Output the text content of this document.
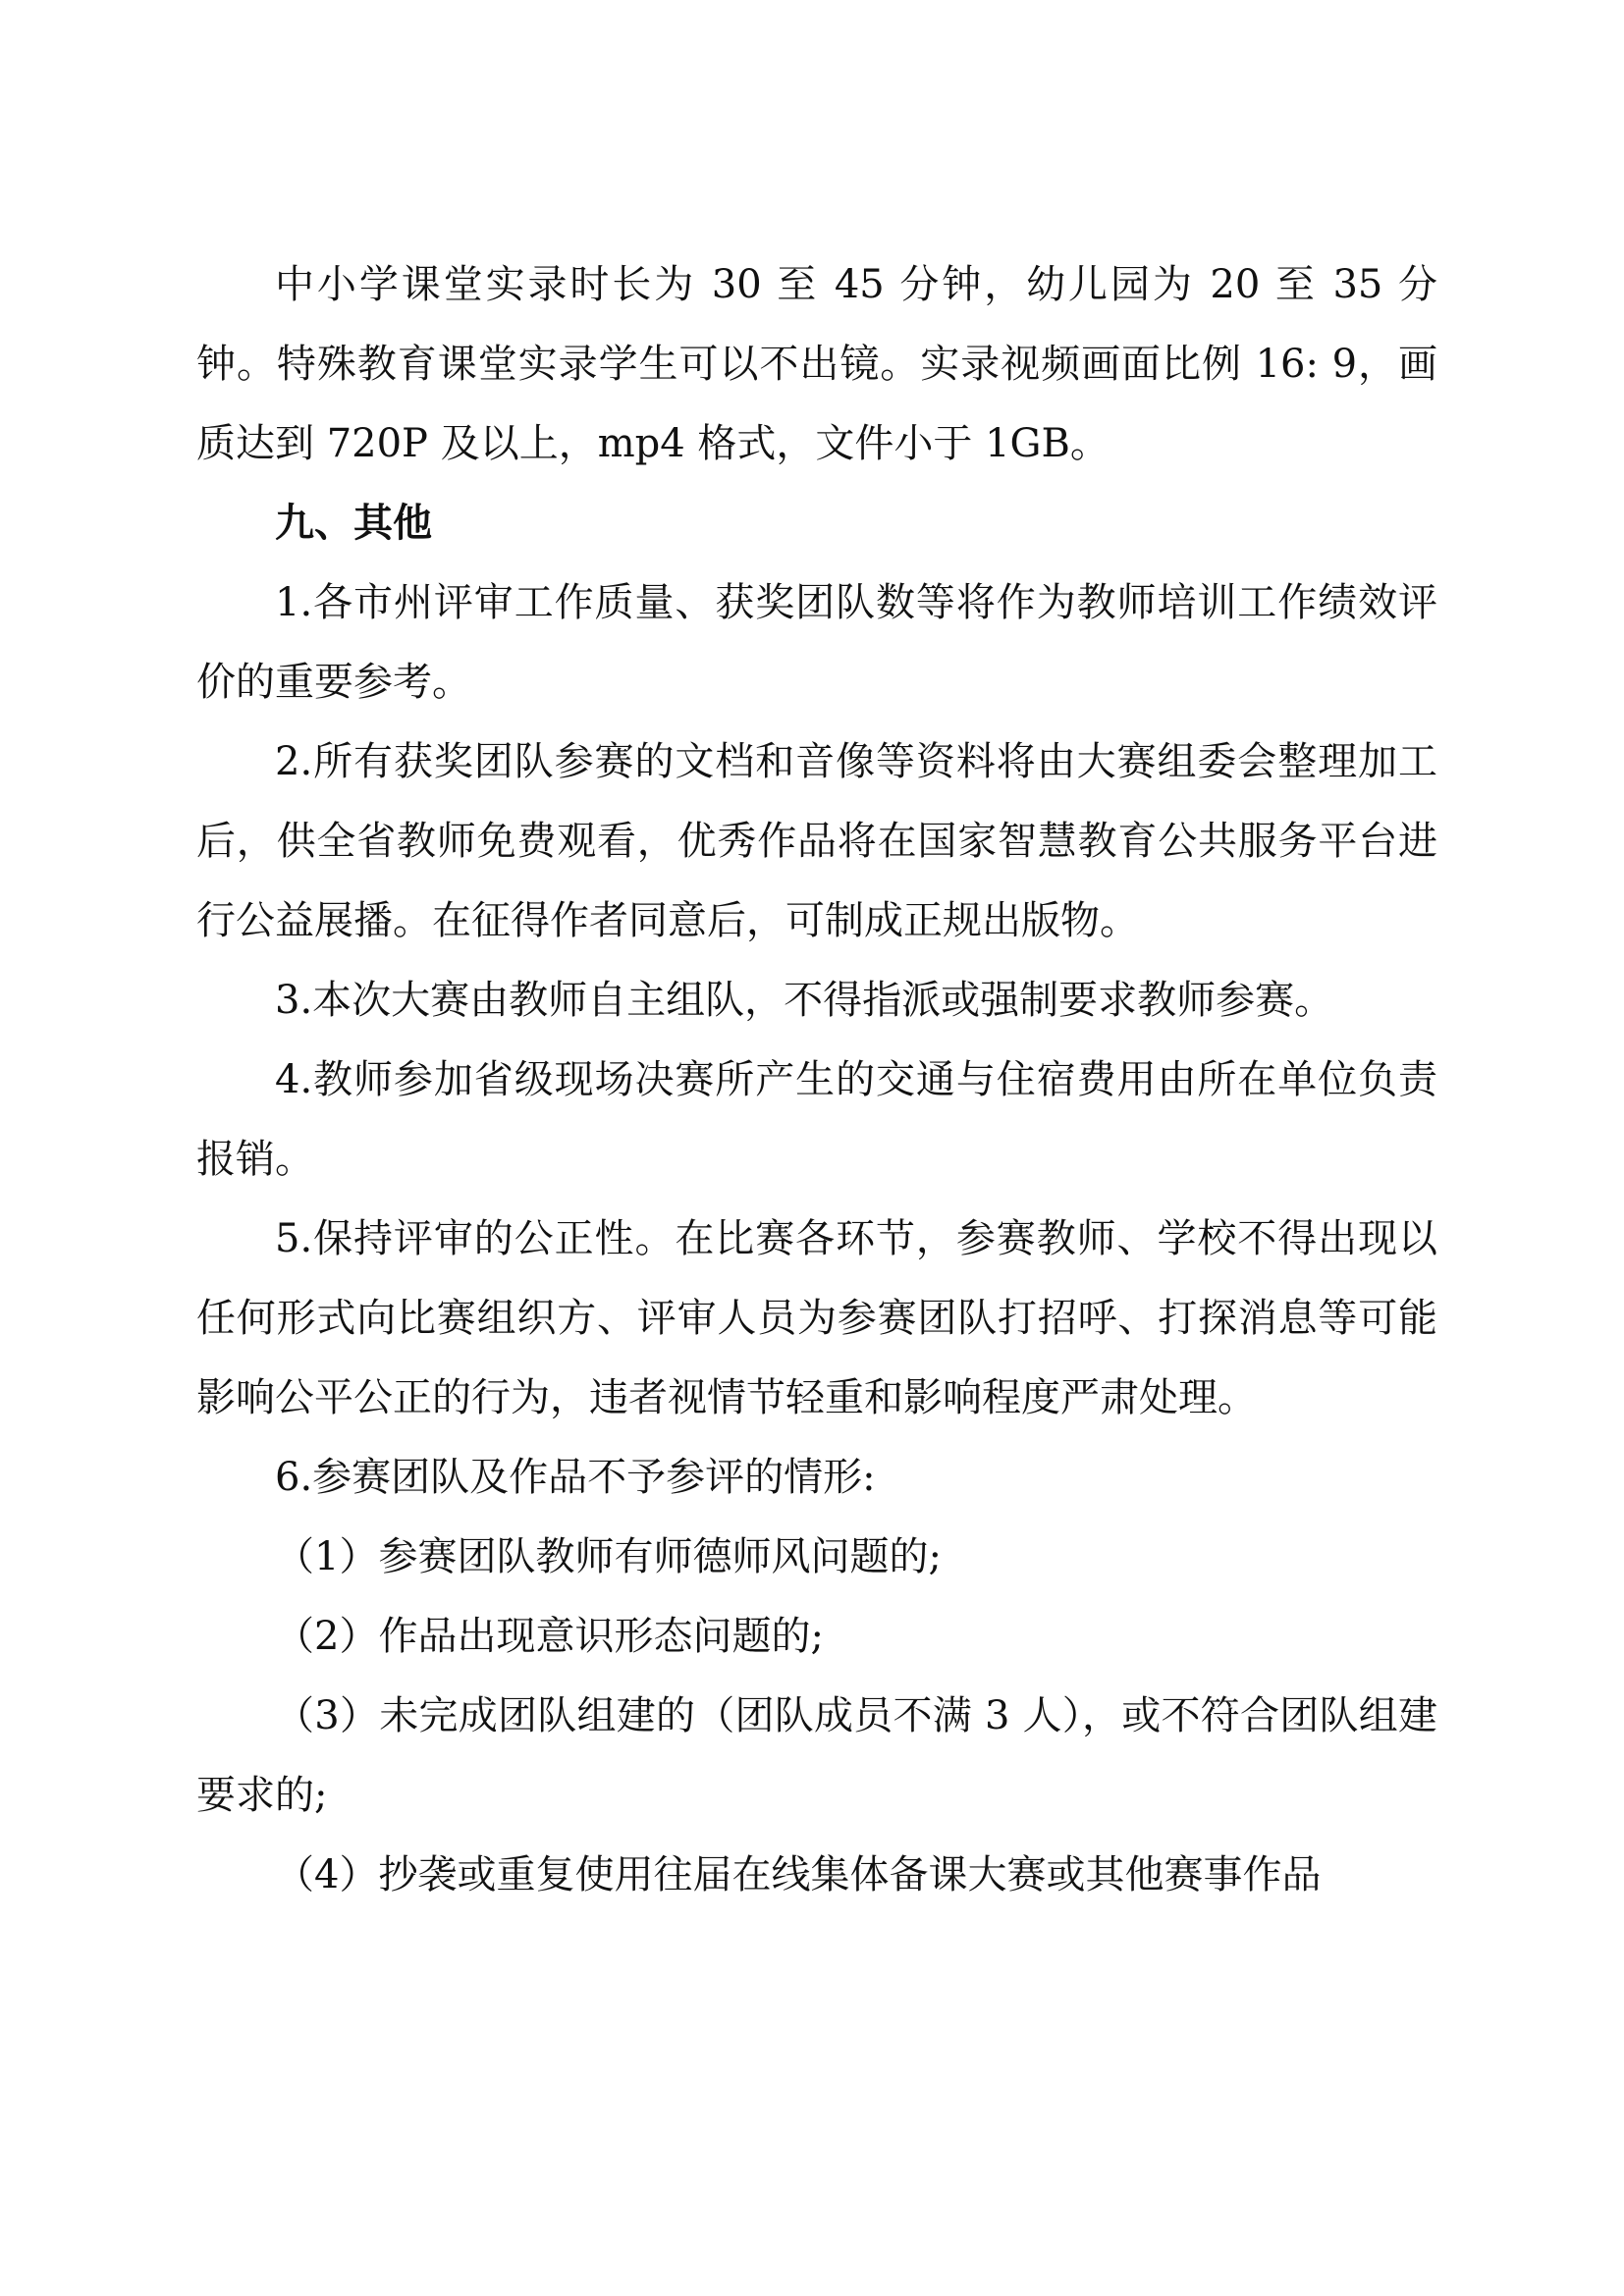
中小学课堂实录时长为 30 至 45 分钟，幼儿园为 20 至 35 分钟。特殊教育课堂实录学生可以不出镜。实录视频画面比例 16: 9，画质达到 720P 及以上，mp4 格式，文件小于 1GB。

九、其他

1.各市州评审工作质量、获奖团队数等将作为教师培训工作绩效评价的重要参考。

2.所有获奖团队参赛的文档和音像等资料将由大赛组委会整理加工后，供全省教师免费观看，优秀作品将在国家智慧教育公共服务平台进行公益展播。在征得作者同意后，可制成正规出版物。

3.本次大赛由教师自主组队，不得指派或强制要求教师参赛。

4.教师参加省级现场决赛所产生的交通与住宿费用由所在单位负责报销。

5.保持评审的公正性。在比赛各环节，参赛教师、学校不得出现以任何形式向比赛组织方、评审人员为参赛团队打招呼、打探消息等可能影响公平公正的行为，违者视情节轻重和影响程度严肃处理。

6.参赛团队及作品不予参评的情形:

（1）参赛团队教师有师德师风问题的;

（2）作品出现意识形态问题的;

（3）未完成团队组建的（团队成员不满 3 人），或不符合团队组建要求的;

（4）抄袭或重复使用往届在线集体备课大赛或其他赛事作品
